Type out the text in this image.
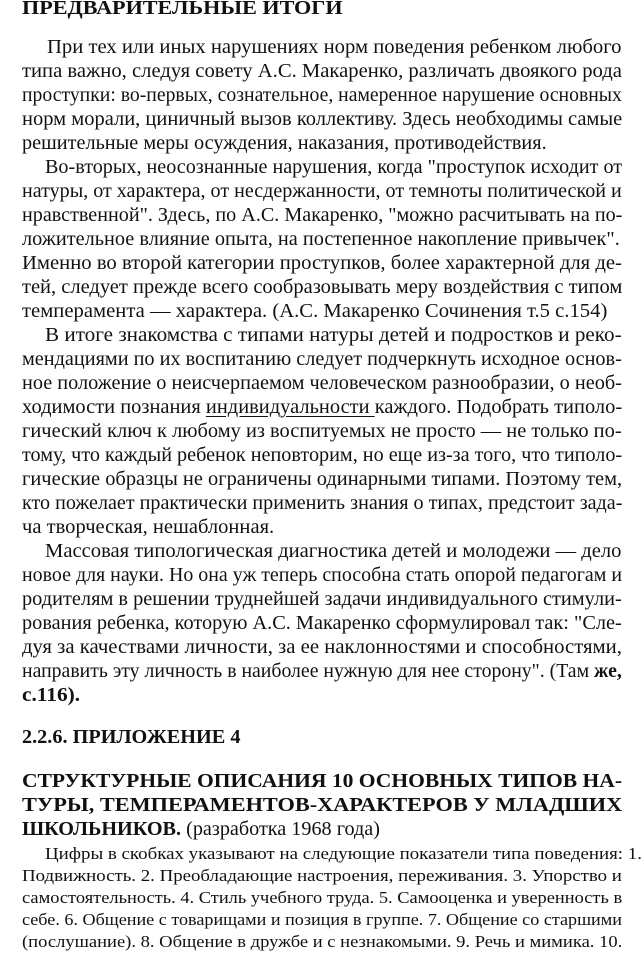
ПРЕДВАРИТЕЛЬНЫЕ ИТОГИ
При тех или иных нарушениях норм поведения ребенком любого
типа важно, следуя совету А.С. Макаренко, различать двоякого рода
проступки: во-первых, сознательное, намеренное нарушение основных
норм морали, циничный вызов коллективу. Здесь необходимы самые
решительные меры осуждения, наказания, противодействия.
Во-вторых, неосознанные нарушения, когда "проступок исходит от
натуры, от характера, от несдержанности, от темноты политической и
нравственной". Здесь, по А.С. Макаренко, "можно расчитывать на по-
ложительное влияние опыта, на постепенное накопление привычек".
Именно во второй категории проступков, более характерной для де-
тей, следует прежде всего сообразовывать меру воздействия с типом
темперамента — характера. (А.С. Макаренко Сочинения т.5 с.154)
В итоге знакомства с типами натуры детей и подростков и реко-
мендациями по их воспитанию следует подчеркнуть исходное основ-
ное положение о неисчерпаемом человеческом разнообразии, о необ-
ходимости познания индивидуальности каждого. Подобрать типоло-
гический ключ к любому из воспитуемых не просто — не только по-
тому, что каждый ребенок неповторим, но еще из-за того, что типоло-
гические образцы не ограничены одинарными типами. Поэтому тем,
кто пожелает практически применить знания о типах, предстоит зада-
ча творческая, нешаблонная.
Массовая типологическая диагностика детей и молодежи — дело
новое для науки. Но она уж теперь способна стать опорой педагогам и
родителям в решении труднейшей задачи индивидуального стимули-
рования ребенка, которую А.С. Макаренко сформулировал так: "Сле-
дуя за качествами личности, за ее наклонностями и способностями,
направить эту личность в наиболее нужную для нее сторону". (Там же,
с.116).
2.2.6. ПРИЛОЖЕНИЕ 4
СТРУКТУРНЫЕ ОПИСАНИЯ 10 ОСНОВНЫХ ТИПОВ НА-
ТУРЫ, ТЕМПЕРАМЕНТОВ-ХАРАКТЕРОВ У МЛАДШИХ
ШКОЛЬНИКОВ. (разработка 1968 года)
Цифры в скобках указывают на следующие показатели типа поведения: 1.
Подвижность. 2. Преобладающие настроения, переживания. 3. Упорство и
самостоятельность. 4. Стиль учебного труда. 5. Самооценка и уверенность в
себе. 6. Общение с товарищами и позиция в группе. 7. Общение со старшими
(послушание). 8. Общение в дружбе и с незнакомыми. 9. Речь и мимика. 10.
